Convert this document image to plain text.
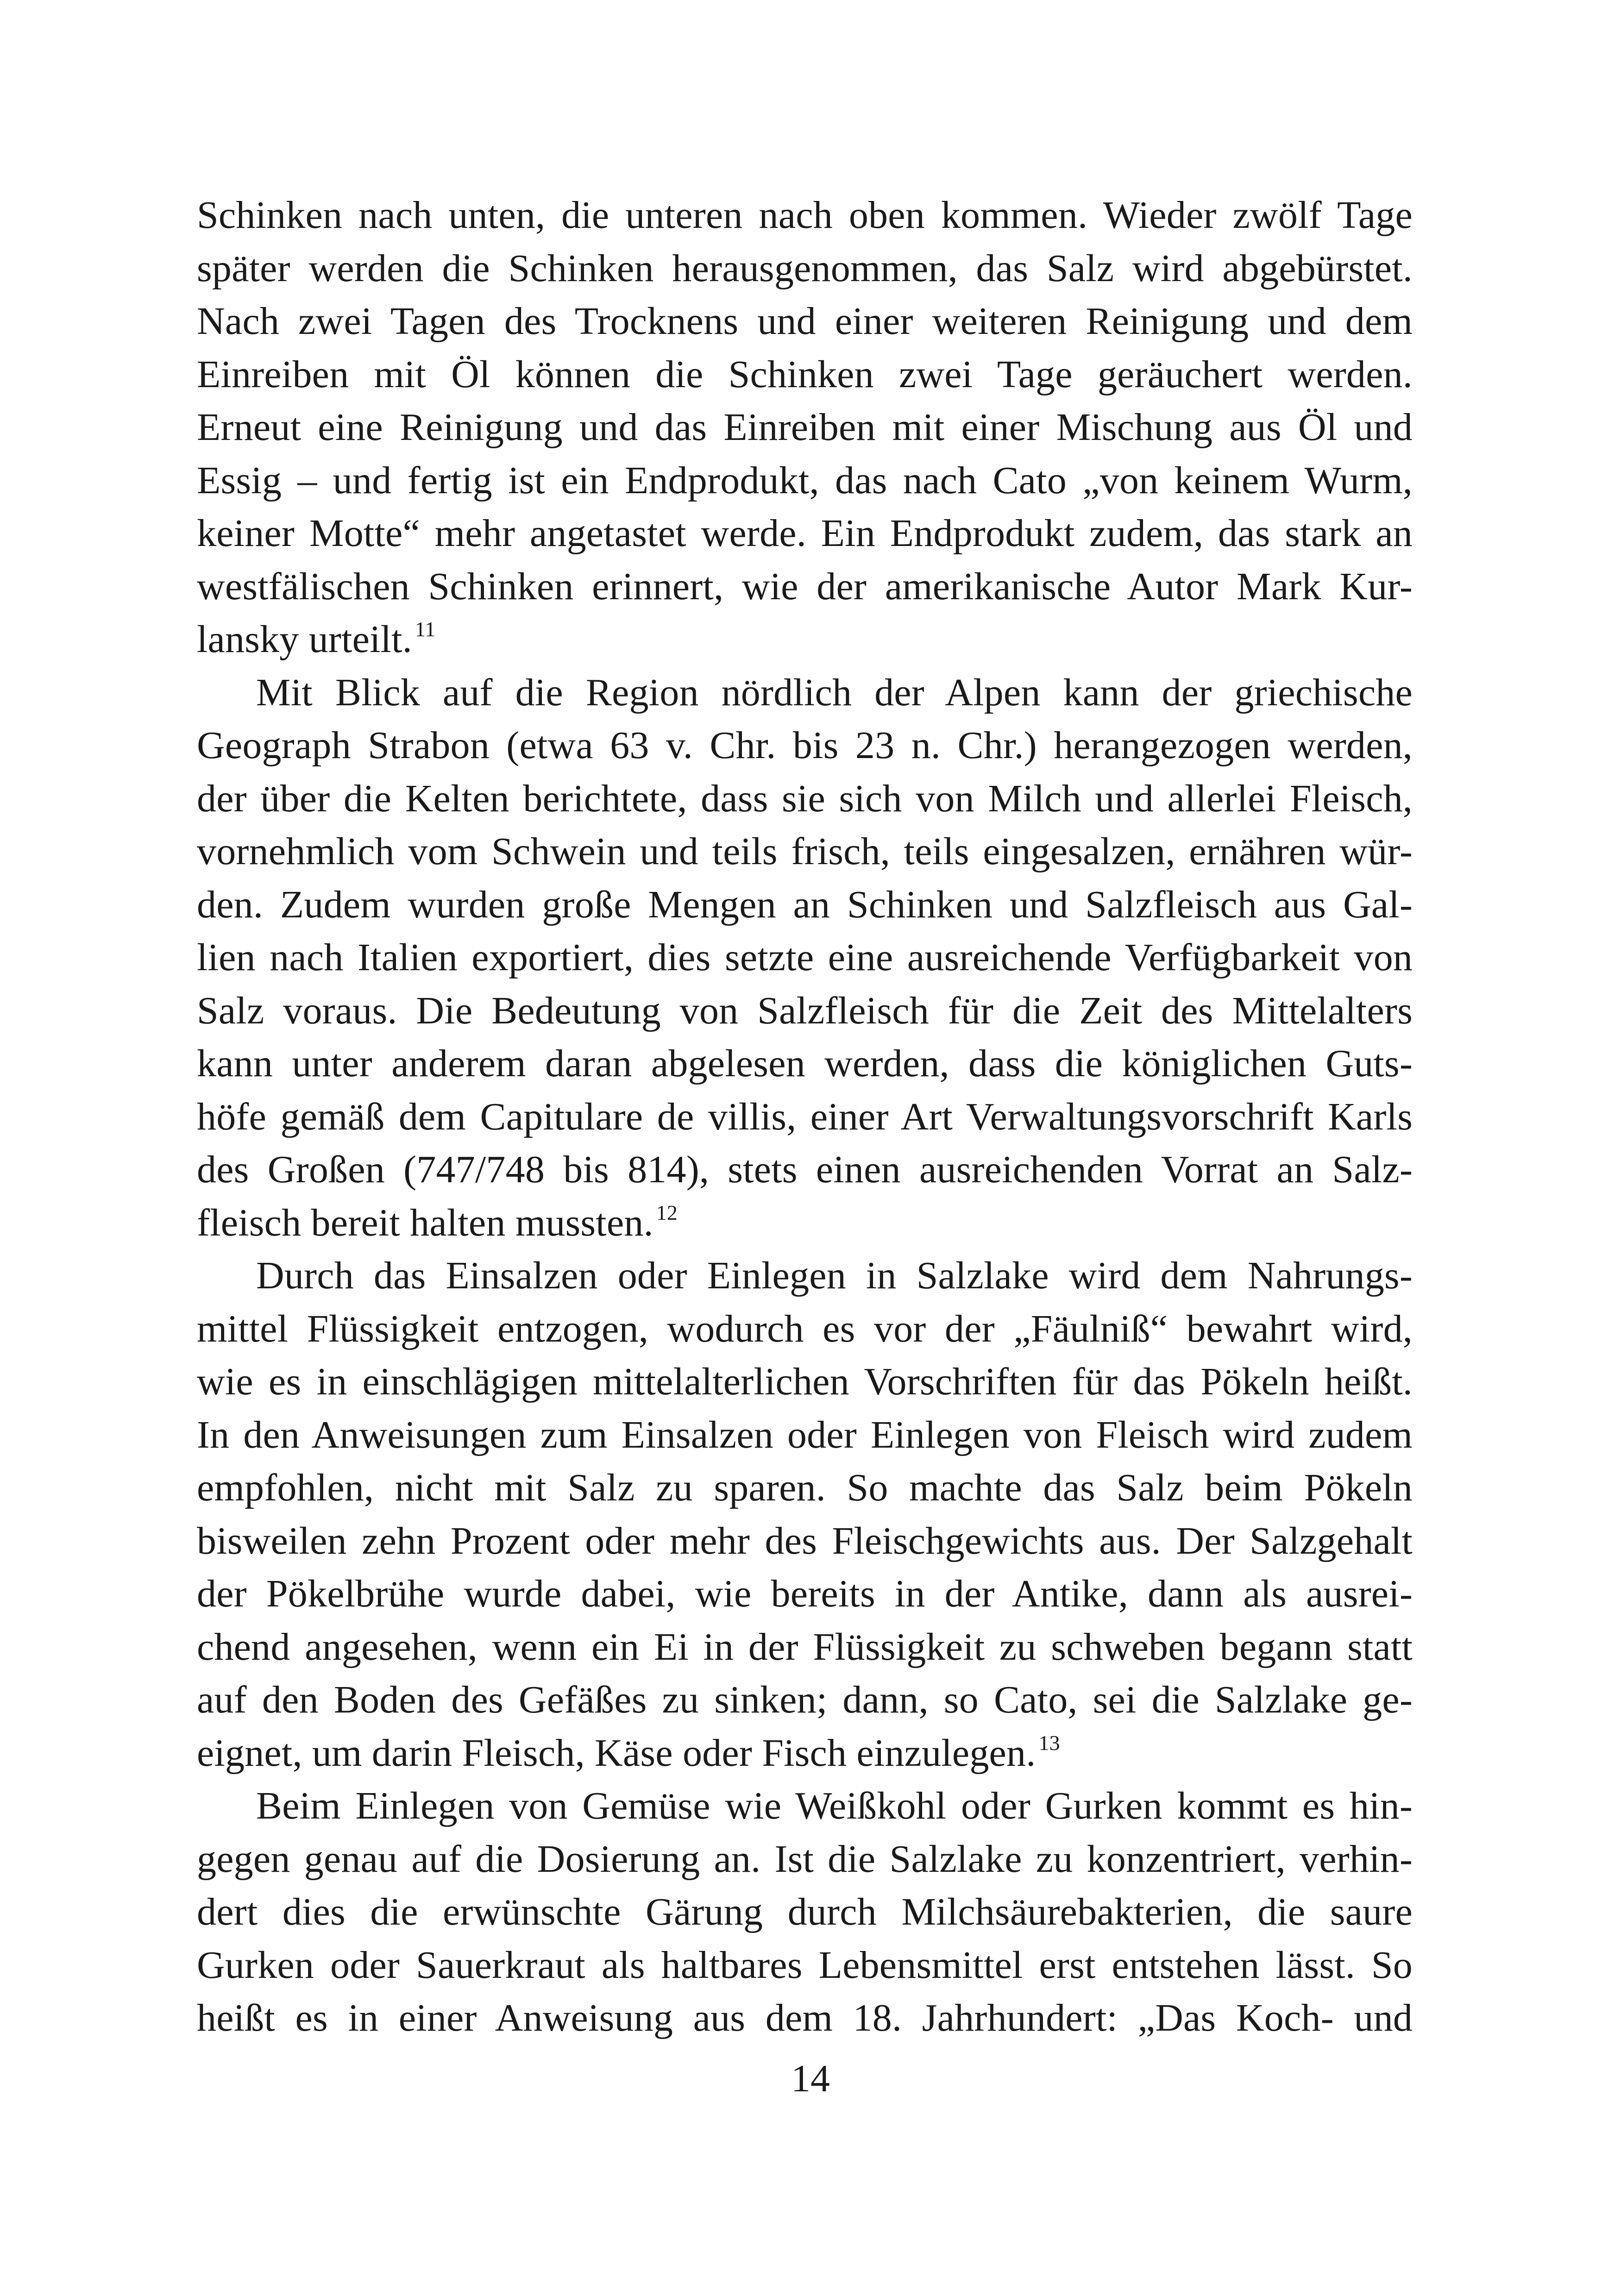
Schinken nach unten, die unteren nach oben kommen. Wieder zwölf Tage
später werden die Schinken herausgenommen, das Salz wird abgebürstet.
Nach zwei Tagen des Trocknens und einer weiteren Reinigung und dem
Einreiben mit Öl können die Schinken zwei Tage geräuchert werden.
Erneut eine Reinigung und das Einreiben mit einer Mischung aus Öl und
Essig – und fertig ist ein Endprodukt, das nach Cato „von keinem Wurm,
keiner Motte“ mehr angetastet werde. Ein Endprodukt zudem, das stark an
westfälischen Schinken erinnert, wie der amerikanische Autor Mark Kur-
lansky urteilt. $^{11}$
Mit Blick auf die Region nördlich der Alpen kann der griechische
Geograph Strabon (etwa 63 v. Chr. bis 23 n. Chr.) herangezogen werden,
der über die Kelten berichtete, dass sie sich von Milch und allerlei Fleisch,
vornehmlich vom Schwein und teils frisch, teils eingesalzen, ernähren wür-
den. Zudem wurden große Mengen an Schinken und Salzfleisch aus Gal-
lien nach Italien exportiert, dies setzte eine ausreichende Verfügbarkeit von
Salz voraus. Die Bedeutung von Salzfleisch für die Zeit des Mittelalters
kann unter anderem daran abgelesen werden, dass die königlichen Guts-
höfe gemäß dem Capitulare de villis, einer Art Verwaltungsvorschrift Karls
des Großen (747/748 bis 814), stets einen ausreichenden Vorrat an Salz-
fleisch bereit halten mussten. $^{12}$
Durch das Einsalzen oder Einlegen in Salzlake wird dem Nahrungs-
mittel Flüssigkeit entzogen, wodurch es vor der „Fäulniß“ bewahrt wird,
wie es in einschlägigen mittelalterlichen Vorschriften für das Pökeln heißt.
In den Anweisungen zum Einsalzen oder Einlegen von Fleisch wird zudem
empfohlen, nicht mit Salz zu sparen. So machte das Salz beim Pökeln
bisweilen zehn Prozent oder mehr des Fleischgewichts aus. Der Salzgehalt
der Pökelbrühe wurde dabei, wie bereits in der Antike, dann als ausrei-
chend angesehen, wenn ein Ei in der Flüssigkeit zu schweben begann statt
auf den Boden des Gefäßes zu sinken; dann, so Cato, sei die Salzlake ge-
eignet, um darin Fleisch, Käse oder Fisch einzulegen. $^{13}$
Beim Einlegen von Gemüse wie Weißkohl oder Gurken kommt es hin-
gegen genau auf die Dosierung an. Ist die Salzlake zu konzentriert, verhin-
dert dies die erwünschte Gärung durch Milchsäurebakterien, die saure
Gurken oder Sauerkraut als haltbares Lebensmittel erst entstehen lässt. So
heißt es in einer Anweisung aus dem 18. Jahrhundert: „Das Koch- und
14
